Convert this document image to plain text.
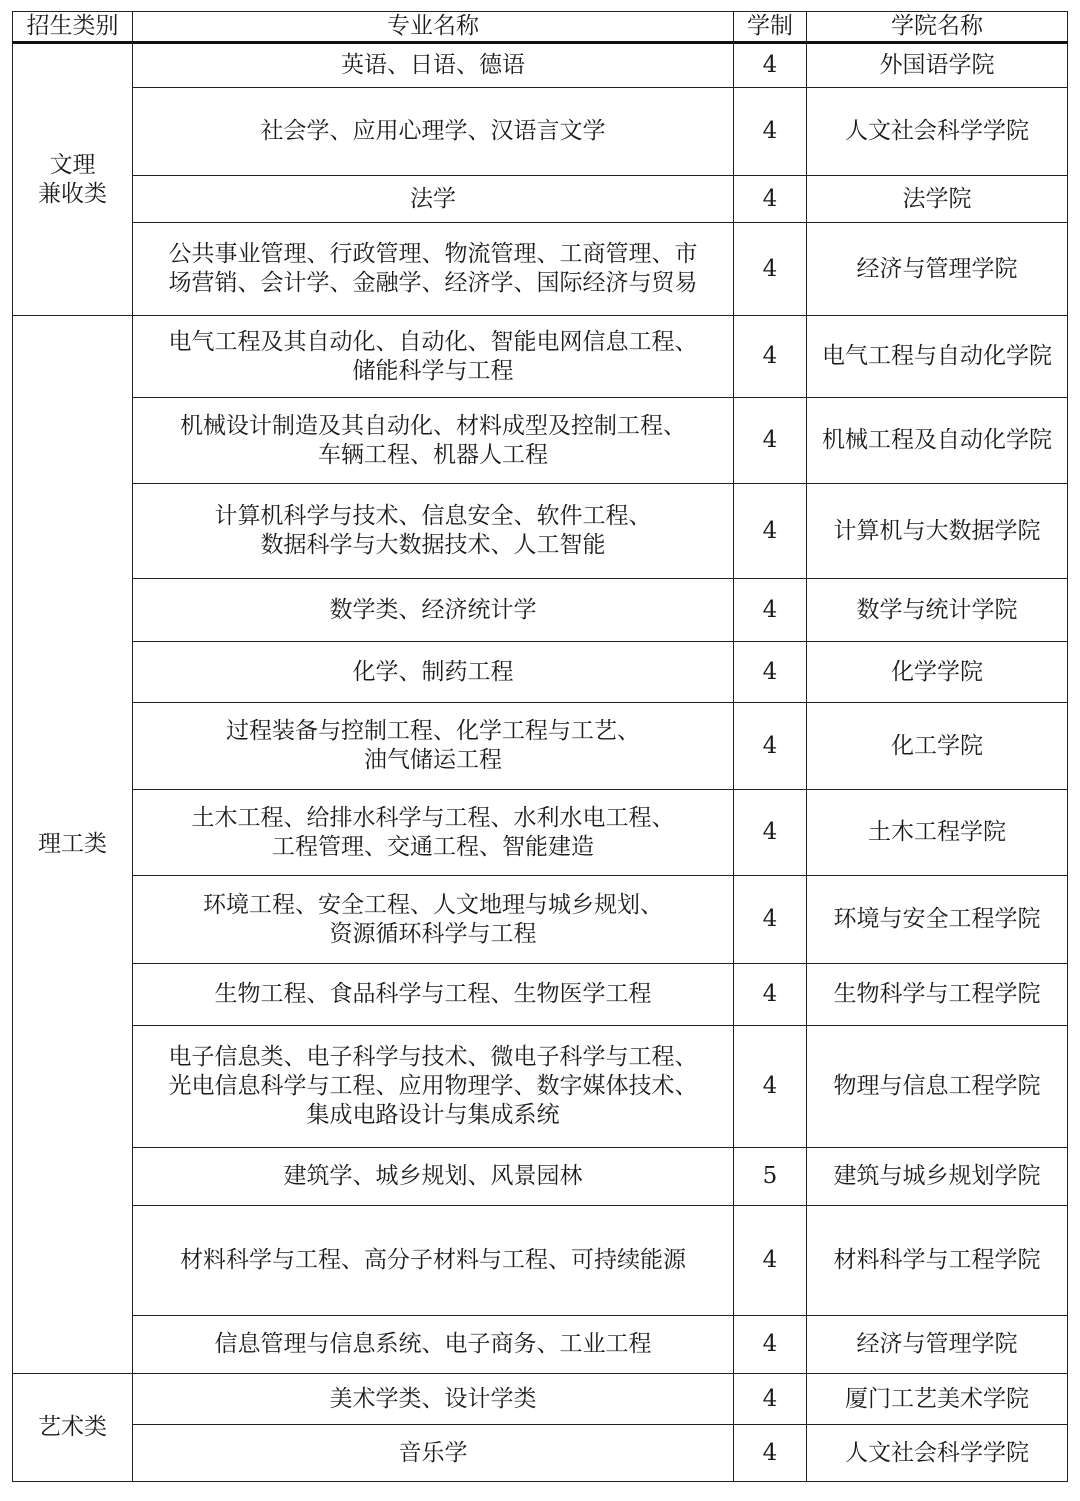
招生类别	专业名称	学制	学院名称

文理
兼收类	英语、日语、德语	4	外国语学院

	社会学、应用心理学、汉语言文学	4	人文社会科学学院

	法学	4	法学院

	公共事业管理、行政管理、物流管理、工商管理、市
场营销、会计学、金融学、经济学、国际经济与贸易	4	经济与管理学院

理工类	电气工程及其自动化、自动化、智能电网信息工程、
储能科学与工程	4	电气工程与自动化学院

	机械设计制造及其自动化、材料成型及控制工程、
车辆工程、机器人工程	4	机械工程及自动化学院

	计算机科学与技术、信息安全、软件工程、
数据科学与大数据技术、人工智能	4	计算机与大数据学院

	数学类、经济统计学	4	数学与统计学院

	化学、制药工程	4	化学学院

	过程装备与控制工程、化学工程与工艺、
油气储运工程	4	化工学院

	土木工程、给排水科学与工程、水利水电工程、
工程管理、交通工程、智能建造	4	土木工程学院

	环境工程、安全工程、人文地理与城乡规划、
资源循环科学与工程	4	环境与安全工程学院

	生物工程、食品科学与工程、生物医学工程	4	生物科学与工程学院

	电子信息类、电子科学与技术、微电子科学与工程、
光电信息科学与工程、应用物理学、数字媒体技术、
集成电路设计与集成系统	4	物理与信息工程学院

	建筑学、城乡规划、风景园林	5	建筑与城乡规划学院

	材料科学与工程、高分子材料与工程、可持续能源	4	材料科学与工程学院

	信息管理与信息系统、电子商务、工业工程	4	经济与管理学院

艺术类	美术学类、设计学类	4	厦门工艺美术学院

	音乐学	4	人文社会科学学院
